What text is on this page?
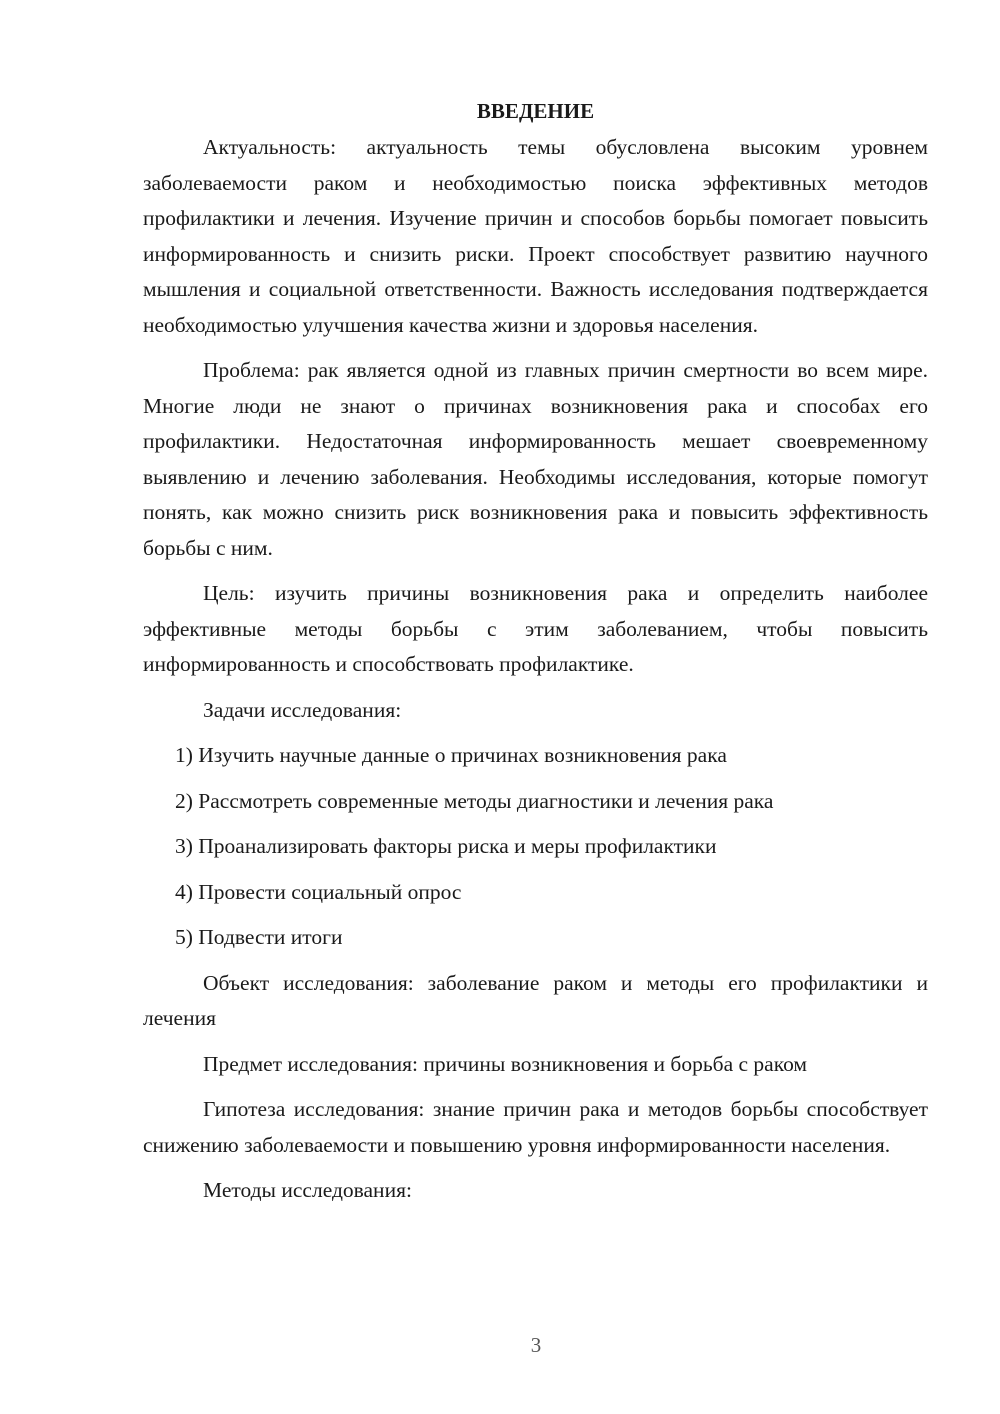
ВВЕДЕНИЕ

Актуальность: актуальность темы обусловлена высоким уровнем заболеваемости раком и необходимостью поиска эффективных методов профилактики и лечения. Изучение причин и способов борьбы помогает повысить информированность и снизить риски. Проект способствует развитию научного мышления и социальной ответственности. Важность исследования подтверждается необходимостью улучшения качества жизни и здоровья населения.

Проблема: рак является одной из главных причин смертности во всем мире. Многие люди не знают о причинах возникновения рака и способах его профилактики. Недостаточная информированность мешает своевременному выявлению и лечению заболевания. Необходимы исследования, которые помогут понять, как можно снизить риск возникновения рака и повысить эффективность борьбы с ним.

Цель: изучить причины возникновения рака и определить наиболее эффективные методы борьбы с этим заболеванием, чтобы повысить информированность и способствовать профилактике.

Задачи исследования:

1) Изучить научные данные о причинах возникновения рака
2) Рассмотреть современные методы диагностики и лечения рака
3) Проанализировать факторы риска и меры профилактики
4) Провести социальный опрос
5) Подвести итоги

Объект исследования: заболевание раком и методы его профилактики и лечения

Предмет исследования: причины возникновения и борьба с раком

Гипотеза исследования: знание причин рака и методов борьбы способствует снижению заболеваемости и повышению уровня информированности населения.

Методы исследования:

3
